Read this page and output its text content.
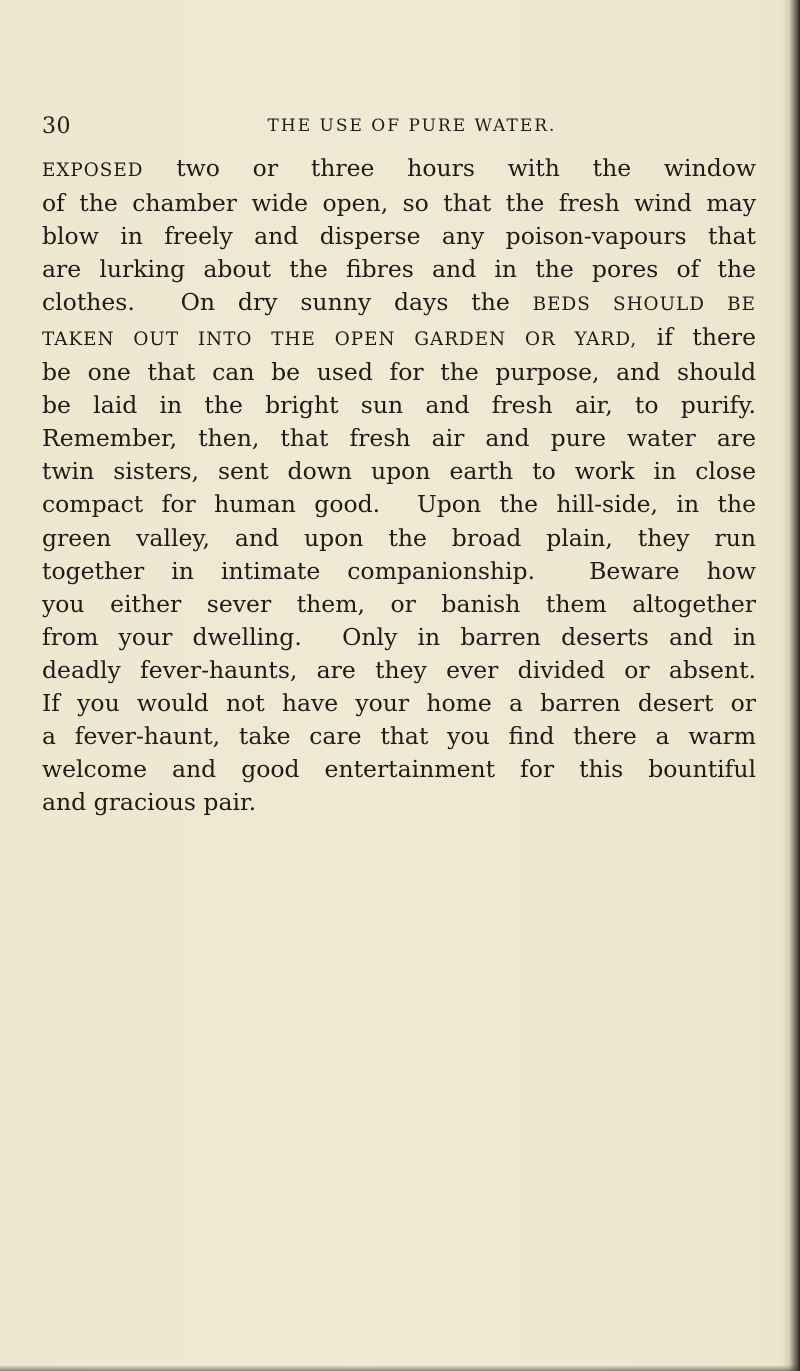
30	THE USE OF PURE WATER.
EXPOSED two or three hours with the window
of the chamber wide open, so that the fresh wind may
blow in freely and disperse any poison-vapours that
are lurking about the fibres and in the pores of the
clothes.  On dry sunny days the BEDS SHOULD BE
TAKEN OUT INTO THE OPEN GARDEN OR YARD, if there
be one that can be used for the purpose, and should
be laid in the bright sun and fresh air, to purify.
Remember, then, that fresh air and pure water are
twin sisters, sent down upon earth to work in close
compact for human good.  Upon the hill-side, in the
green valley, and upon the broad plain, they run
together in intimate companionship.  Beware how
you either sever them, or banish them altogether
from your dwelling.  Only in barren deserts and in
deadly fever-haunts, are they ever divided or absent.
If you would not have your home a barren desert or
a fever-haunt, take care that you find there a warm
welcome and good entertainment for this bountiful
and gracious pair.
